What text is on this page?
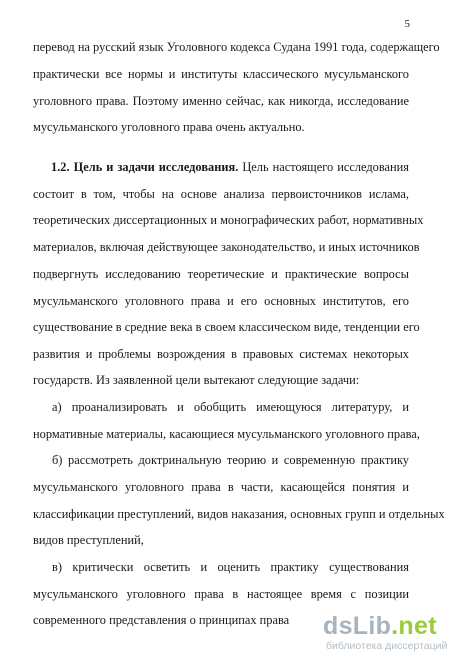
5
перевод на русский язык Уголовного кодекса Судана 1991 года, содержащего
практически все нормы и институты классического мусульманского
уголовного права. Поэтому именно сейчас, как никогда, исследование
мусульманского уголовного права очень актуально.
1.2. Цель и задачи исследования. Цель настоящего исследования
состоит в том, чтобы на основе анализа первоисточников ислама,
теоретических диссертационных и монографических работ, нормативных
материалов, включая действующее законодательство, и иных источников
подвергнуть исследованию теоретические и практические вопросы
мусульманского уголовного права и его основных институтов, его
существование в средние века в своем классическом виде, тенденции его
развития и проблемы возрождения в правовых системах некоторых
государств. Из заявленной цели вытекают следующие задачи:
а) проанализировать и обобщить имеющуюся литературу, и
нормативные материалы, касающиеся мусульманского уголовного права,
б) рассмотреть доктринальную теорию и современную практику
мусульманского уголовного права в части, касающейся понятия и
классификации преступлений, видов наказания, основных групп и отдельных
видов преступлений,
в) критически осветить и оценить практику существования
мусульманского уголовного права в настоящее время с позиции
современного представления о принципах права	dsLib.net
библиотека диссертаций
